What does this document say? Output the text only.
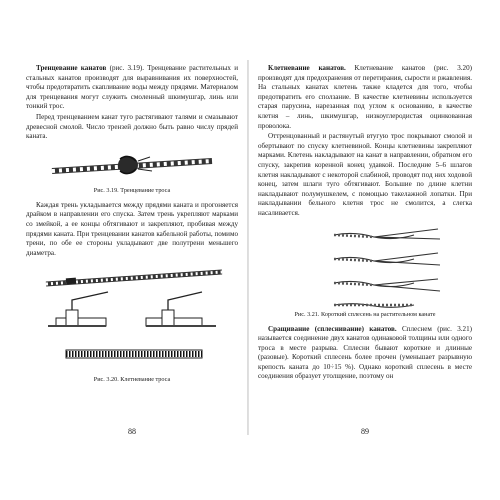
Тренцевание канатов (рис. 3.19). Тренцевание растительных и стальных канатов производят для выравнивания их поверхностей, чтобы предотвратить скапливание воды между прядями. Материалом для тренцевания могут служить смоленный шкимушгар, линь или тонкий трос.

Перед тренцеванием канат туго растягивают талями и смазывают древесной смолой. Число трензей должно быть равно числу прядей каната.

Рис. 3.19. Тренцевание троса

Каждая трень укладывается между прядями каната и прогоняется драйком в направлении его спуска. Затем трень укрепляют марками со змейкой, а ее концы обтягивают и закрепляют, пробивая между прядями каната. При тренцевании канатов кабельной работы, помимо трени, по обе ее стороны укладывают две полутрени меньшего диаметра.

Рис. 3.20. Клетневание троса

88

Клетневание канатов. Клетневание канатов (рис. 3.20) производят для предохранения от перетирания, сырости и ржавления. На стальных канатах клетень также кладется для того, чтобы предотвратить его сползание. В качестве клетневины используется старая парусина, нарезанная под углом к основанию, в качестве клетня – линь, шкимушгар, низкоуглеродистая оцинкованная проволока.

Оттренцованный и растянутый втугую трос покрывают смолой и обертывают по спуску клетневиной. Концы клетневины закрепляют марками. Клетень накладывают на канат в направлении, обратном его спуску, закрепив коренной конец удавкой. Последние 5–6 шлагов клетня накладывают с некоторой слабиной, проводят под них ходовой конец, затем шлаги туго обтягивают. Большие по длине клетни накладывают полумушкелем, с помощью такелажной лопатки. При накладывании бельного клетня трос не смолится, а слегка насаливается.

Рис. 3.21. Короткий сплесень на растительном канате

Сращивание (сплеснивание) канатов. Сплеснем (рис. 3.21) называется соединение двух канатов одинаковой толщины или одного троса в месте разрыва. Сплесни бывают короткие и длинные (разовые). Короткий сплесень более прочен (уменьшает разрывную крепость каната до 10÷15 %). Однако короткий сплесень в месте соединения образует утолщение, поэтому он

89
